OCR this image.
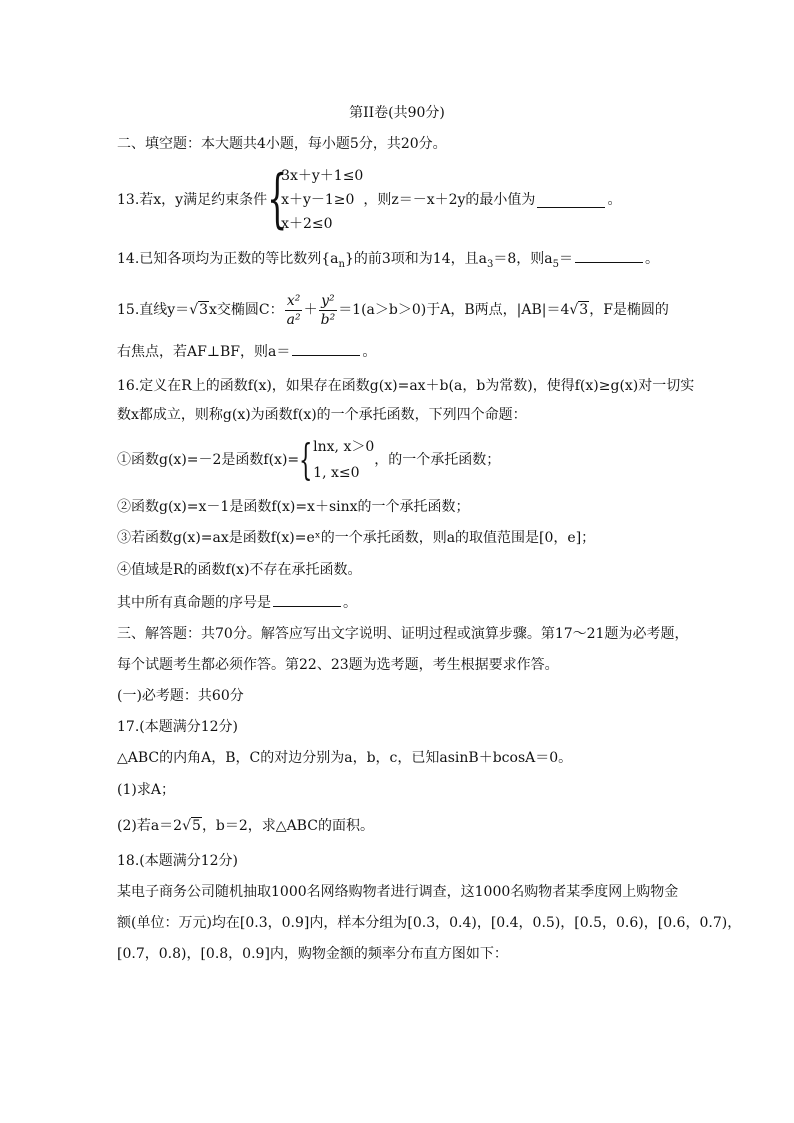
第II卷(共90分)
二、填空题：本大题共4小题，每小题5分，共20分。
13.若x，y满足约束条件 {
3x＋y＋1≤0
x＋y－1≥0
x＋2≤0
，则z＝－x＋2y的最小值为	。
14.已知各项均为正数的等比数列$\{a_n\}$的前3项和为14，且$a_3=8$，则$a_5=$	。
15.直线y＝ √3 x交椭圆C： $\frac{\text{x²}}{\text{a²}} + \frac{\text{y²}}{\text{b²}} =1(a>b>0)$于A，B两点，|AB|＝4 √3 ，F是椭圆的
右焦点，若AF⊥BF，则a＝	。
16.定义在R上的函数f(x)，如果存在函数g(x)=ax＋b(a，b为常数)，使得f(x)≥g(x)对一切实
数x都成立，则称g(x)为函数f(x)的一个承托函数，下列四个命题：
①函数g(x)=－2是函数f(x)= { lnx, x＞0
1, x≤0
，的一个承托函数；
②函数g(x)=x－1是函数f(x)=x＋sinx的一个承托函数；
③若函数g(x)=ax是函数f(x)=eˣ的一个承托函数，则a的取值范围是[0，e]；
④值域是R的函数f(x)不存在承托函数。
其中所有真命题的序号是	。
三、解答题：共70分。解答应写出文字说明、证明过程或演算步骤。第17～21题为必考题，
每个试题考生都必须作答。第22、23题为选考题，考生根据要求作答。
(一)必考题：共60分
17.(本题满分12分)
△ABC的内角A，B，C的对边分别为a，b，c，已知asinB＋bcosA＝0。
(1)求A；
(2)若a＝2√5，b＝2，求△ABC的面积。
18.(本题满分12分)
某电子商务公司随机抽取1000名网络购物者进行调查，这1000名购物者某季度网上购物金
额(单位：万元)均在[0.3，0.9]内，样本分组为[0.3，0.4)，[0.4，0.5)，[0.5，0.6)，[0.6，0.7)，
[0.7，0.8)，[0.8，0.9]内，购物金额的频率分布直方图如下：
